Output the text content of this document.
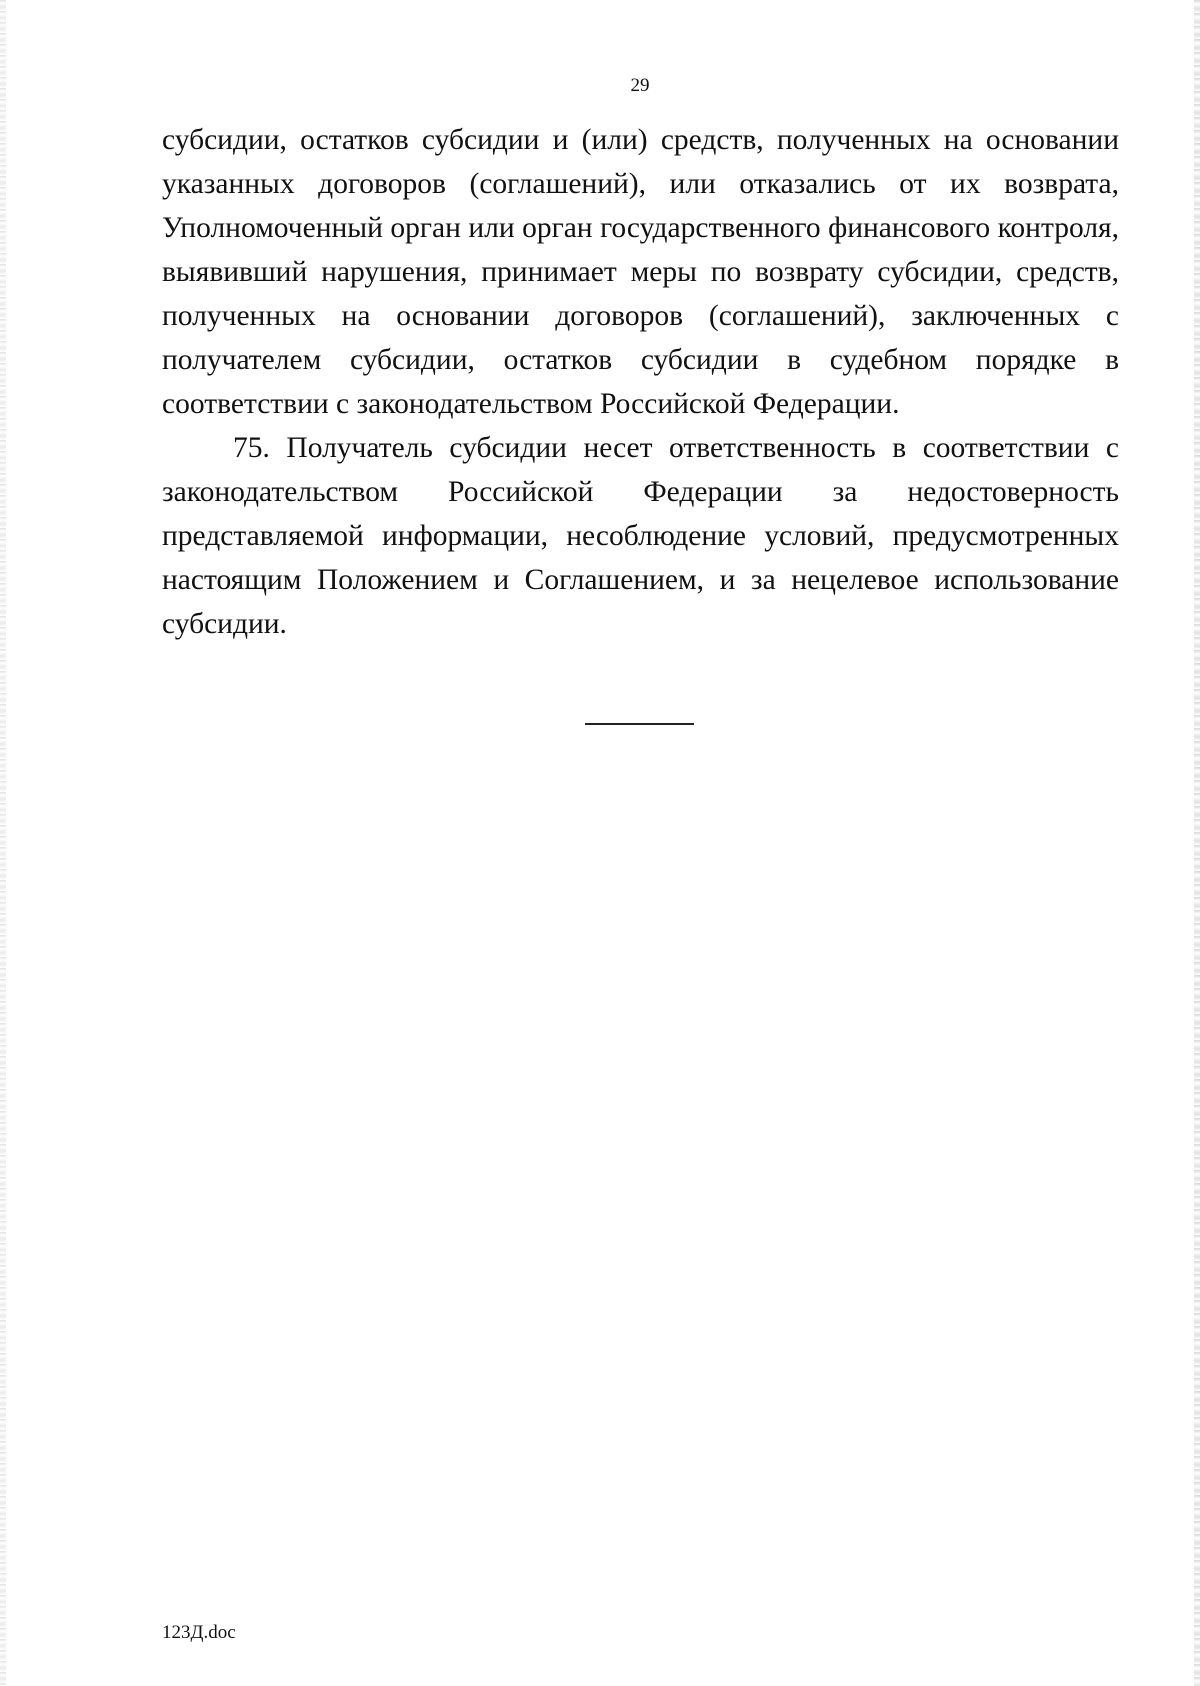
29

субсидии, остатков субсидии и (или) средств, полученных на основании указанных договоров (соглашений), или отказались от их возврата, Уполномоченный орган или орган государственного финансового контроля, выявивший нарушения, принимает меры по возврату субсидии, средств, полученных на основании договоров (соглашений), заключенных с получателем субсидии, остатков субсидии в судебном порядке в соответствии с законодательством Российской Федерации.

75. Получатель субсидии несет ответственность в соответствии с законодательством Российской Федерации за недостоверность представляемой информации, несоблюдение условий, предусмотренных настоящим Положением и Соглашением, и за нецелевое использование субсидии.

123Д.doc
